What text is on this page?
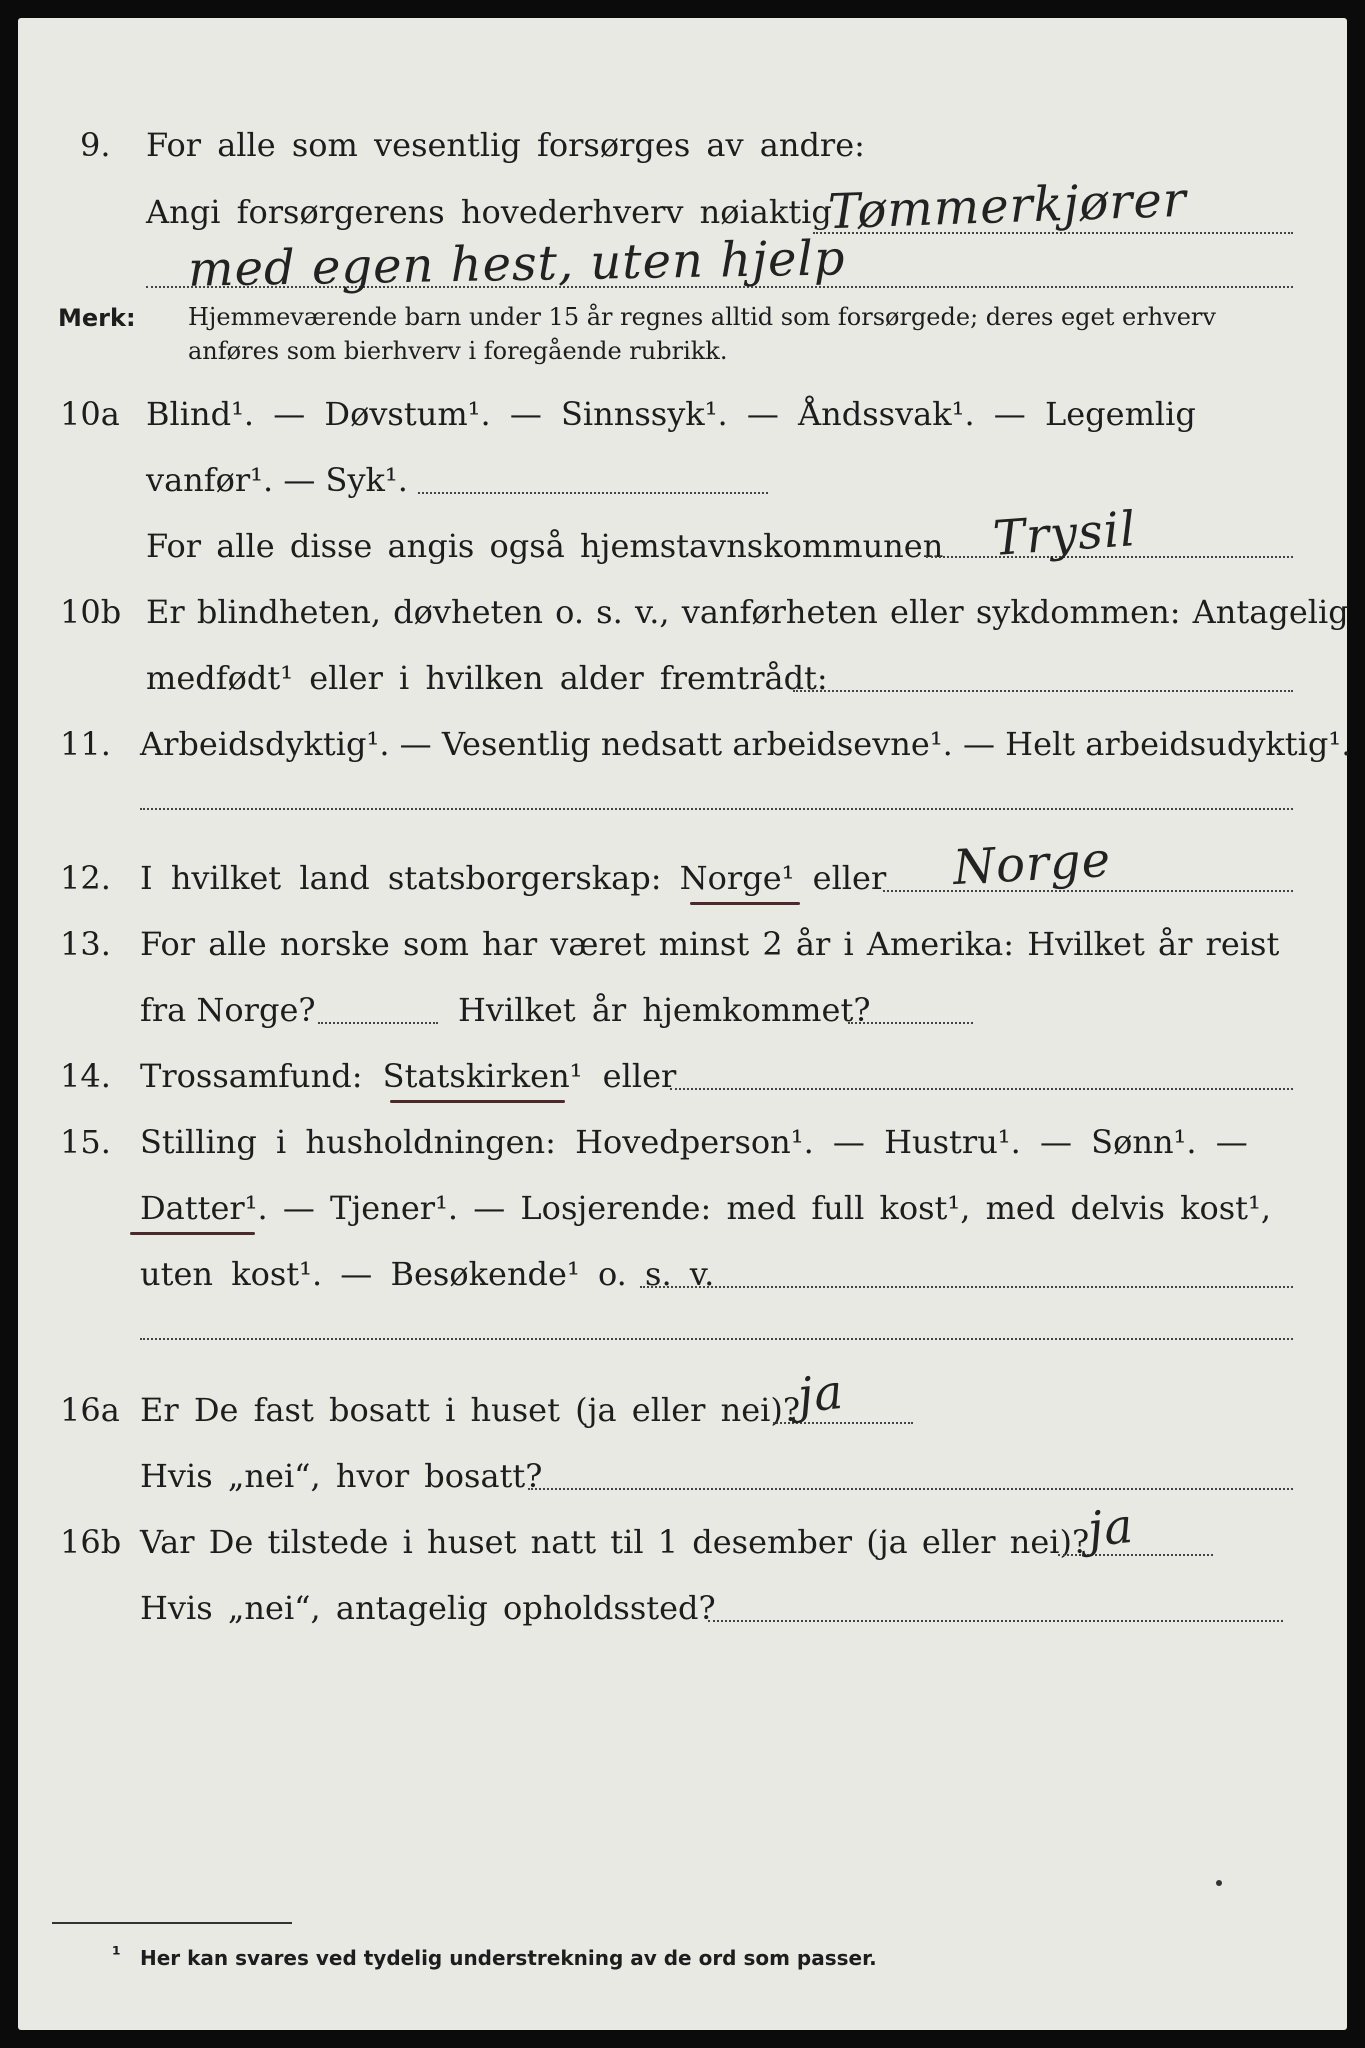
9. For alle som vesentlig forsørges av andre:
Angi forsørgerens hovederhverv nøiaktig
Tømmerkjører
med egen hest, uten hjelp
Merk: Hjemmeværende barn under 15 år regnes alltid som forsørgede; deres eget erhverv
anføres som bierhverv i foregående rubrikk.
10a Blind¹. — Døvstum¹. — Sinnssyk¹. — Åndssvak¹. — Legemlig
vanfør¹. — Syk¹.
For alle disse angis også hjemstavnskommunen Trysil
10b Er blindheten, døvheten o. s. v., vanførheten eller sykdommen: Antagelig
medfødt¹ eller i hvilken alder fremtrådt:
11. Arbeidsdyktig¹. — Vesentlig nedsatt arbeidsevne¹. — Helt arbeidsudyktig¹.
12. I hvilket land statsborgerskap: Norge¹ eller Norge
13. For alle norske som har været minst 2 år i Amerika: Hvilket år reist
fra Norge?	Hvilket år hjemkommet?
14. Trossamfund: Statskirken¹ eller
15. Stilling i husholdningen: Hovedperson¹. — Hustru¹. — Sønn¹. —
Datter¹. — Tjener¹. — Losjerende: med full kost¹, med delvis kost¹,
uten kost¹. — Besøkende¹ o. s. v.
16a Er De fast bosatt i huset (ja eller nei)?
ja
Hvis „nei“, hvor bosatt?
16b Var De tilstede i huset natt til 1 desember (ja eller nei)?
ja
Hvis „nei“, antagelig opholdssted?
¹ Her kan svares ved tydelig understrekning av de ord som passer.
